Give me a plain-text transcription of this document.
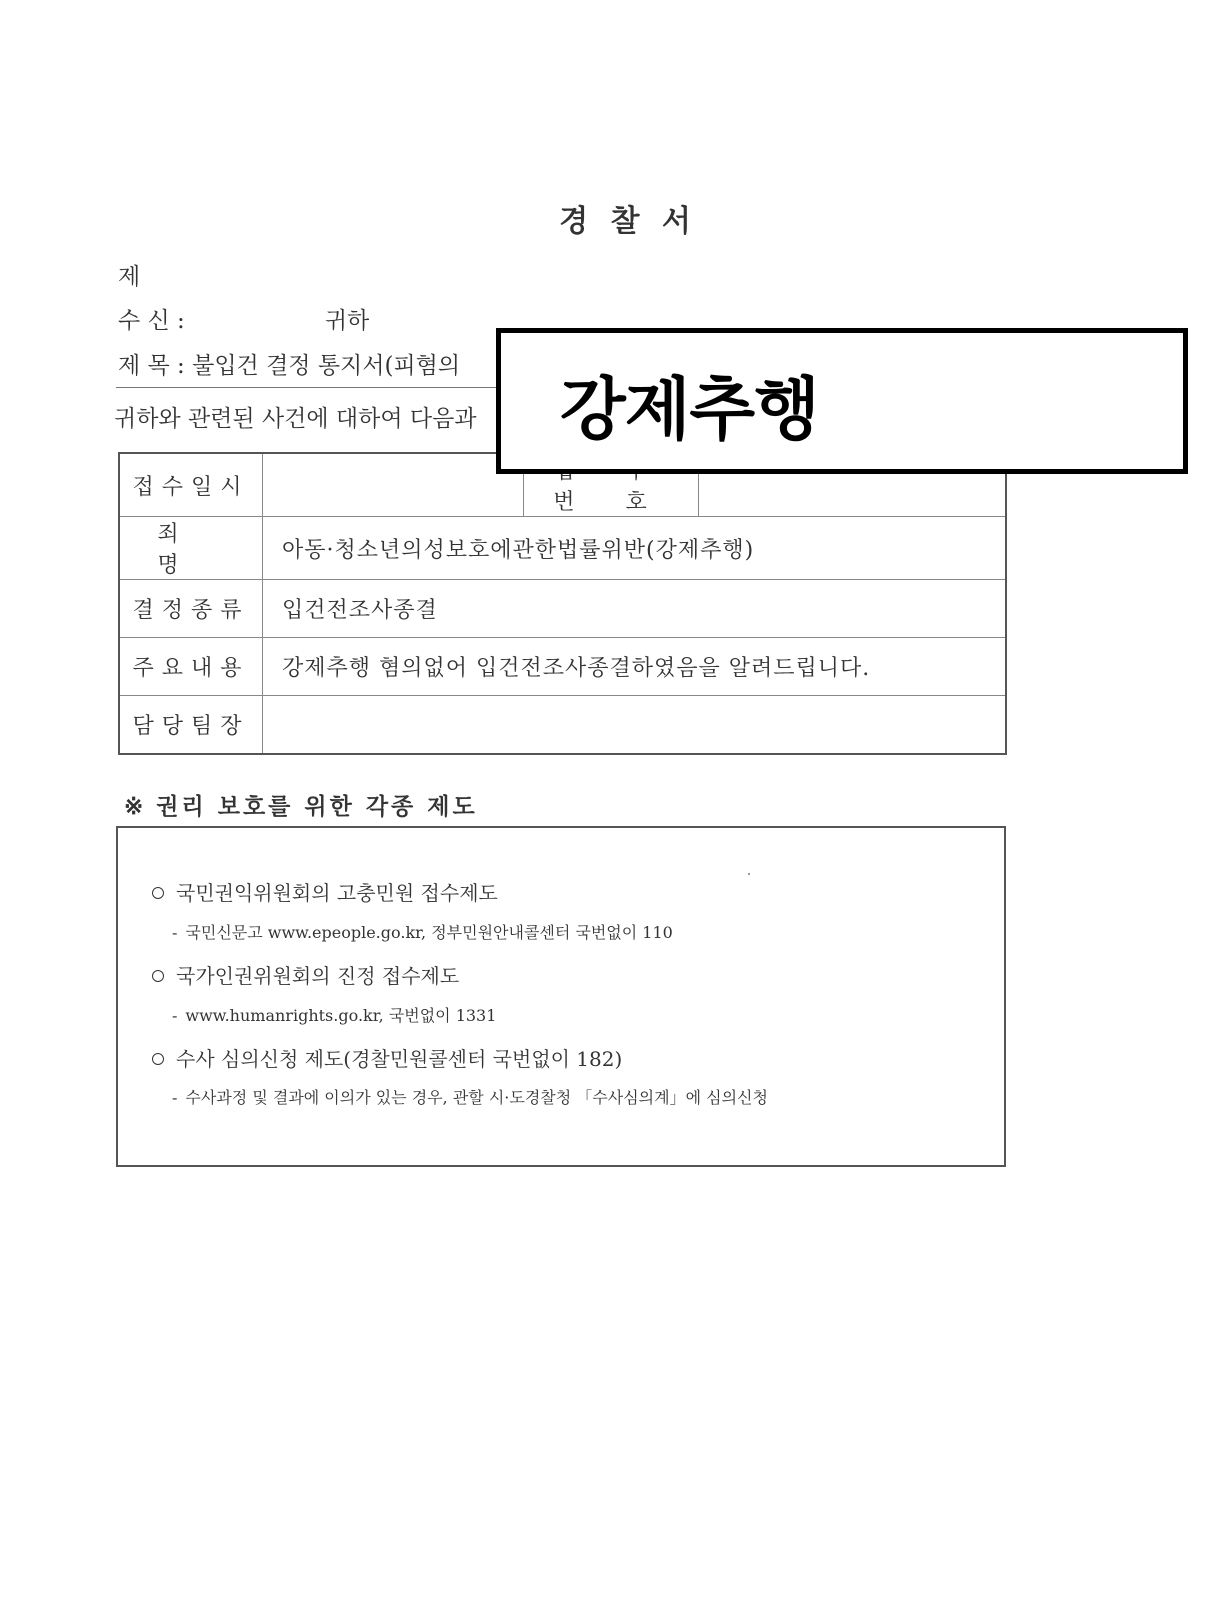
경 찰 서
제
수 신 :	귀하
제 목 : 불입건 결정 통지서(피혐의
귀하와 관련된 사건에 대하여 다음과
접수일시		번 호	
죄 명	아동·청소년의성보호에관한법률위반(강제추행)		
결정종류	입건전조사종결		
주요내용	강제추행 혐의없어 입건전조사종결하였음을 알려드립니다.		
담당팀장			
강제추행
※ 권리 보호를 위한 각종 제도
국민권익위원회의 고충민원 접수제도
- 국민신문고 www.epeople.go.kr, 정부민원안내콜센터 국번없이 110
국가인권위원회의 진정 접수제도
- www.humanrights.go.kr, 국번없이 1331
수사 심의신청 제도(경찰민원콜센터 국번없이 182)
- 수사과정 및 결과에 이의가 있는 경우, 관할 시·도경찰청 「수사심의계」에 심의신청
